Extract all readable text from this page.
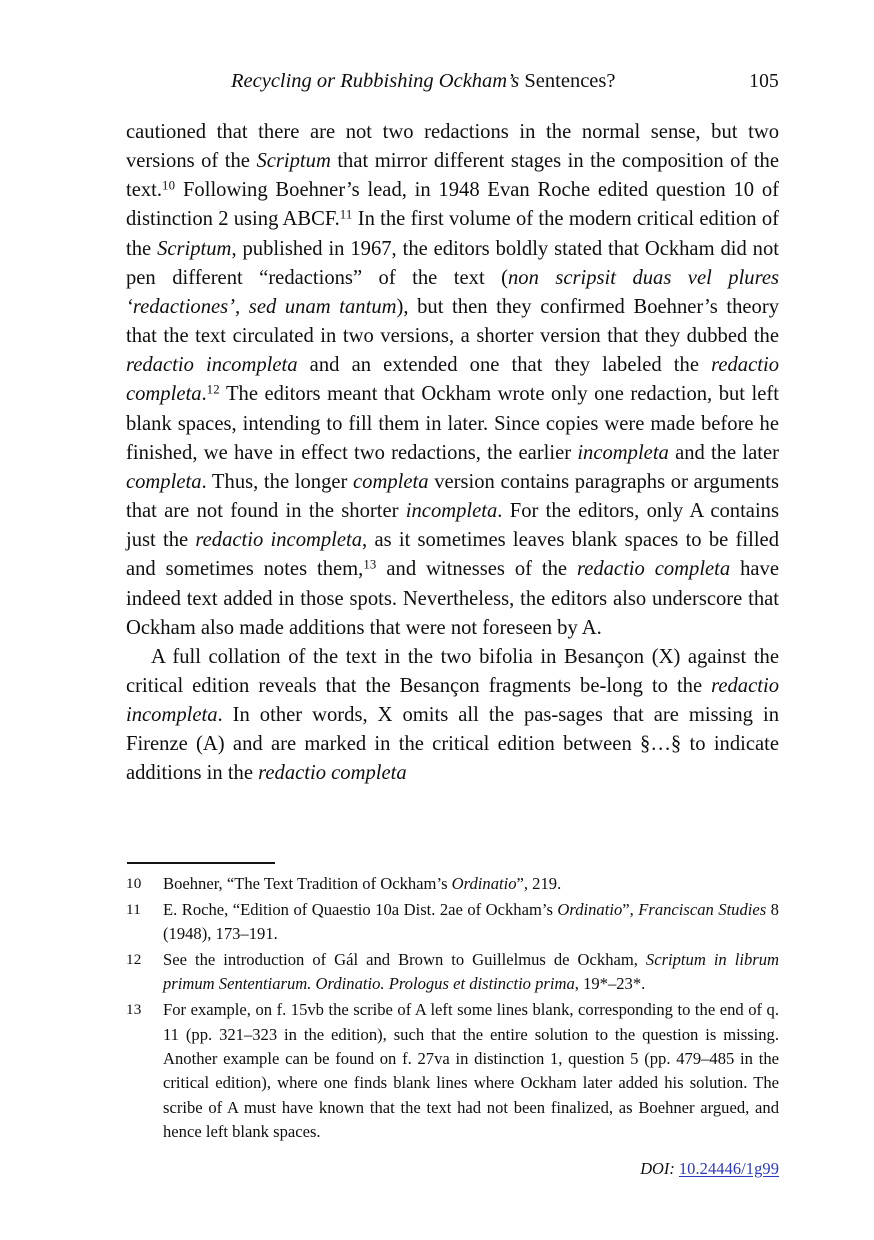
Recycling or Rubbishing Ockham’s Sentences?	105

cautioned that there are not two redactions in the normal sense, but two versions of the Scriptum that mirror different stages in the composition of the text.$^{10}$ Following Boehner’s lead, in 1948 Evan Roche edited question 10 of distinction 2 using ABCF.$^{11}$ In the first volume of the modern critical edition of the Scriptum, published in 1967, the editors boldly stated that Ockham did not pen different “redactions” of the text (non scripsit duas vel plures ‘redactiones’, sed unam tantum), but then they confirmed Boehner’s theory that the text circulated in two versions, a shorter version that they dubbed the redactio incompleta and an extended one that they labeled the redactio completa.$^{12}$ The editors meant that Ockham wrote only one redaction, but left blank spaces, intending to fill them in later. Since copies were made before he finished, we have in effect two redactions, the earlier incompleta and the later completa. Thus, the longer completa version contains paragraphs or arguments that are not found in the shorter incompleta. For the editors, only A contains just the redactio incompleta, as it sometimes leaves blank spaces to be filled and sometimes notes them,$^{13}$ and witnesses of the redactio completa have indeed text added in those spots. Nevertheless, the editors also underscore that Ockham also made additions that were not foreseen by A.

A full collation of the text in the two bifolia in Besançon (X) against the critical edition reveals that the Besançon fragments be-long to the redactio incompleta. In other words, X omits all the pas-sages that are missing in Firenze (A) and are marked in the critical edition between §…§ to indicate additions in the redactio completa

10	Boehner, “The Text Tradition of Ockham’s Ordinatio”, 219.
11	E. Roche, “Edition of Quaestio 10a Dist. 2ae of Ockham’s Ordinatio”, Franciscan Studies 8 (1948), 173–191.
12	See the introduction of Gál and Brown to Guillelmus de Ockham, Scriptum in librum primum Sententiarum. Ordinatio. Prologus et distinctio prima, 19*–23*.
13	For example, on f. 15vb the scribe of A left some lines blank, corresponding to the end of q. 11 (pp. 321–323 in the edition), such that the entire solution to the question is missing. Another example can be found on f. 27va in distinction 1, question 5 (pp. 479–485 in the critical edition), where one finds blank lines where Ockham later added his solution. The scribe of A must have known that the text had not been finalized, as Boehner argued, and hence left blank spaces.
DOI: 10.24446/1g99
